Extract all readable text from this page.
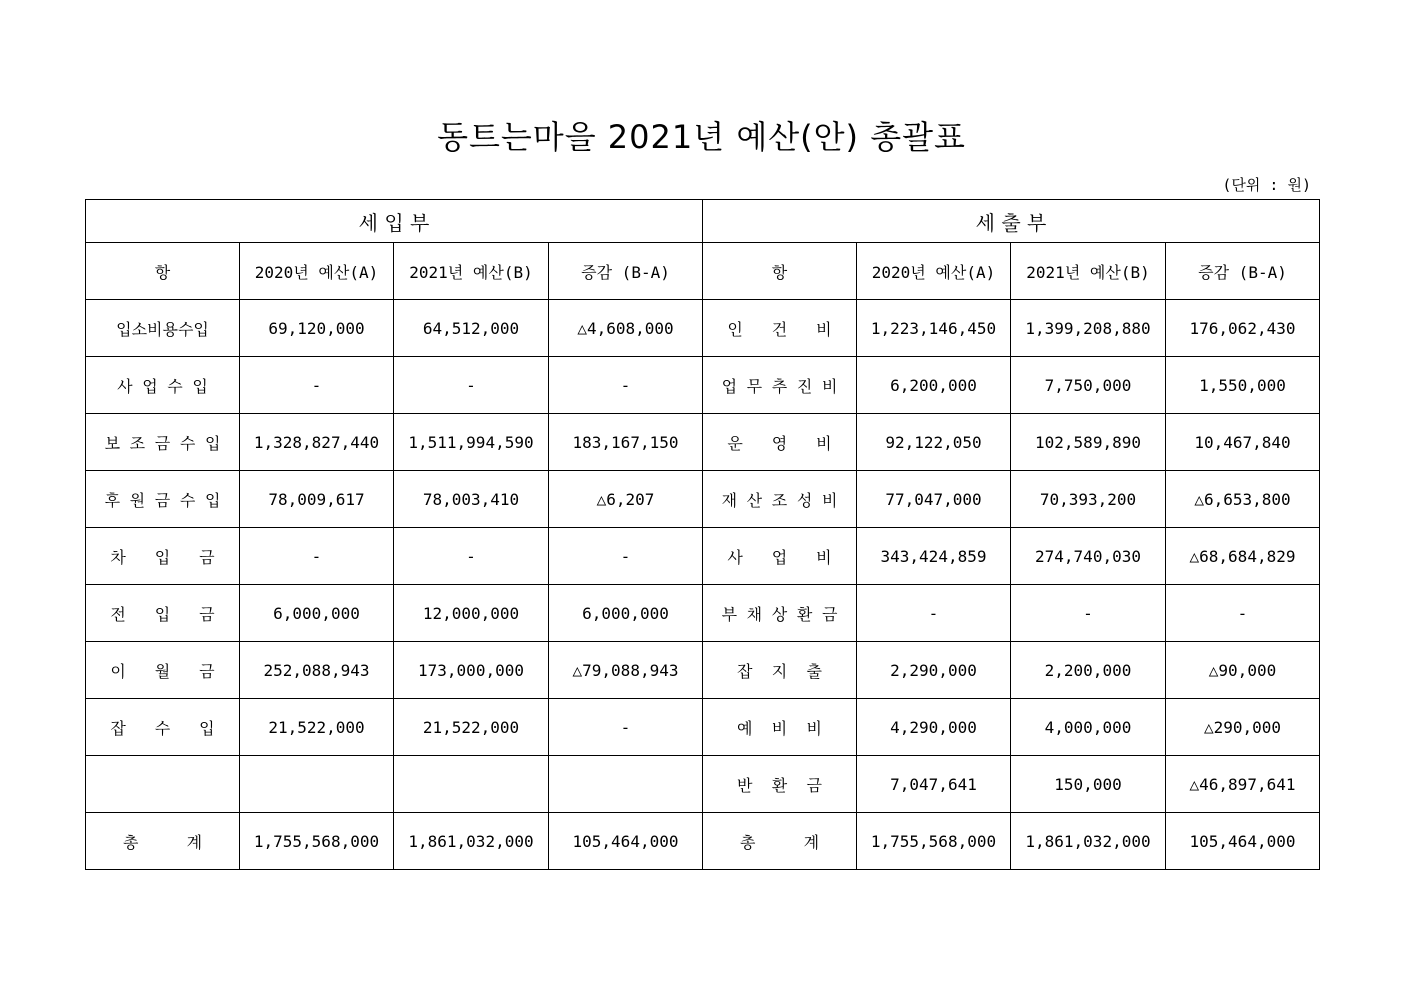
동트는마을 2021년 예산(안) 총괄표
(단위 : 원)
세 입 부				세 출 부			
항	2020년 예산(A)	2021년 예산(B)	증감 (B-A)	항	2020년 예산(A)	2021년 예산(B)	증감 (B-A)
입소비용수입	69,120,000	64,512,000	△4,608,000	인   건   비	1,223,146,450	1,399,208,880	176,062,430
사 업 수 입	-	-	-	업 무 추 진 비	6,200,000	7,750,000	1,550,000
보 조 금 수 입	1,328,827,440	1,511,994,590	183,167,150	운   영   비	92,122,050	102,589,890	10,467,840
후 원 금 수 입	78,009,617	78,003,410	△6,207	재 산 조 성 비	77,047,000	70,393,200	△6,653,800
차   입   금	-	-	-	사   업   비	343,424,859	274,740,030	△68,684,829
전   입   금	6,000,000	12,000,000	6,000,000	부 채 상 환 금	-	-	-
이   월   금	252,088,943	173,000,000	△79,088,943	잡  지  출	2,290,000	2,200,000	△90,000
잡   수   입	21,522,000	21,522,000	-	예  비  비	4,290,000	4,000,000	△290,000
				반  환  금	7,047,641	150,000	△46,897,641
총     계	1,755,568,000	1,861,032,000	105,464,000	총     계	1,755,568,000	1,861,032,000	105,464,000
